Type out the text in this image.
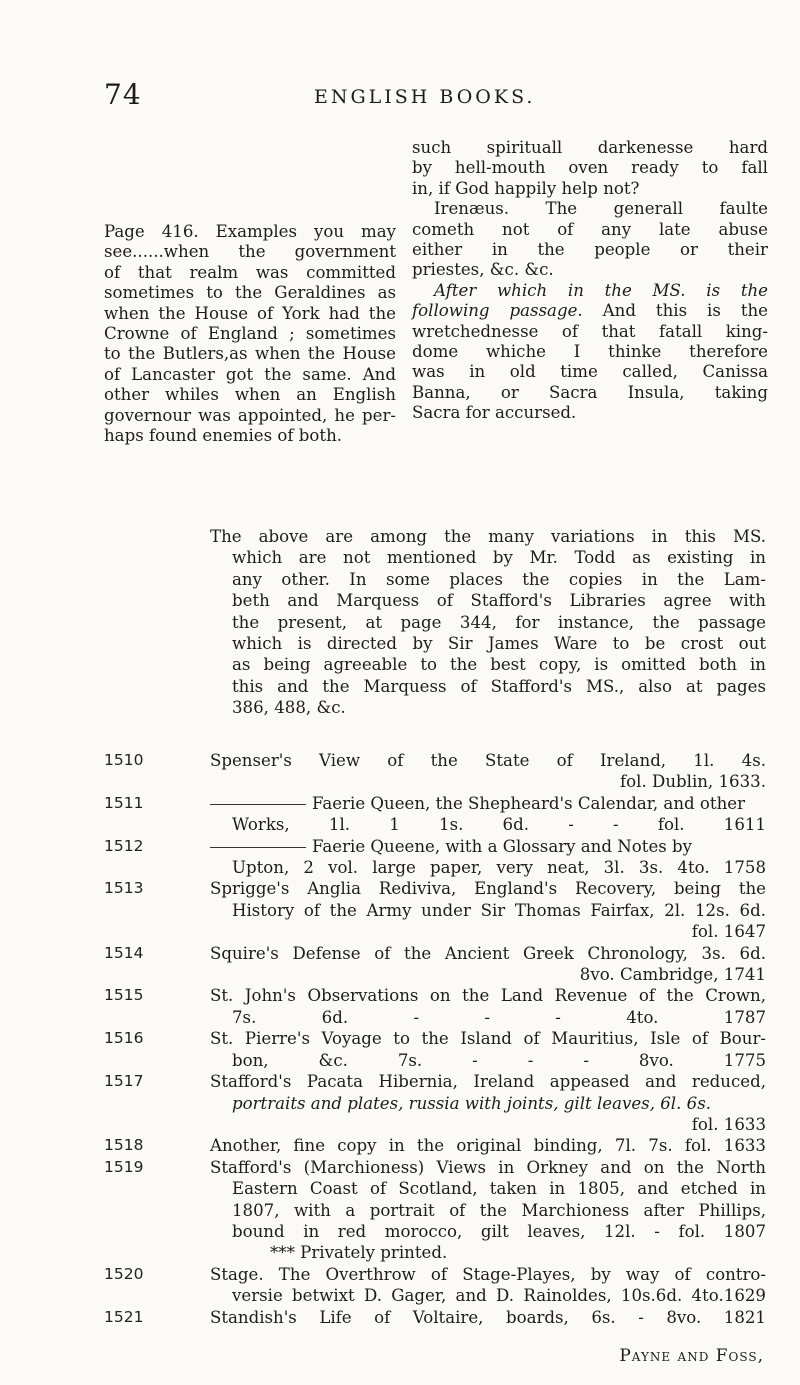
74	ENGLISH BOOKS.

Page 416. Examples you may

see......when the government

of that realm was committed

sometimes to the Geraldines as

when the House of York had the

Crowne of England ; sometimes

to the Butlers,as when the House

of Lancaster got the same. And

other whiles when an English

governour was appointed, he per-

haps found enemies of both.

such spirituall darkenesse hard

by hell-mouth oven ready to fall

in, if God happily help not?

Irenæus. The generall faulte

cometh not of any late abuse

either in the people or their

priestes, &c. &c.

After which in the MS. is the

following passage. And this is the

wretchednesse of that fatall king-

dome whiche I thinke therefore

was in old time called, Canissa

Banna, or Sacra Insula, taking

Sacra for accursed.

The above are among the many variations in this MS.

which are not mentioned by Mr. Todd as existing in

any other. In some places the copies in the Lam-

beth and Marquess of Stafford's Libraries agree with

the present, at page 344, for instance, the passage

which is directed by Sir James Ware to be crost out

as being agreeable to the best copy, is omitted both in

this and the Marquess of Stafford's MS., also at pages

386, 488, &c.

1510	Spenser's View of the State of Ireland, 1l. 4s.

fol. Dublin, 1633.

1511	Faerie Queen, the Shepheard's Calendar, and other

Works, 1l. 1 1s. 6d. - - fol. 1611

1512	Faerie Queene, with a Glossary and Notes by

Upton, 2 vol. large paper, very neat, 3l. 3s. 4to. 1758

1513	Sprigge's Anglia Rediviva, England's Recovery, being the

History of the Army under Sir Thomas Fairfax, 2l. 12s. 6d.

fol. 1647

1514	Squire's Defense of the Ancient Greek Chronology, 3s. 6d.

8vo. Cambridge, 1741

1515	St. John's Observations on the Land Revenue of the Crown,

7s. 6d. - - - 4to. 1787

1516	St. Pierre's Voyage to the Island of Mauritius, Isle of Bour-

bon, &c. 7s. - - - 8vo. 1775

1517	Stafford's Pacata Hibernia, Ireland appeased and reduced,

portraits and plates, russia with joints, gilt leaves, 6l. 6s.

fol. 1633

1518	Another, fine copy in the original binding, 7l. 7s. fol. 1633

1519	Stafford's (Marchioness) Views in Orkney and on the North

Eastern Coast of Scotland, taken in 1805, and etched in

1807, with a portrait of the Marchioness after Phillips,

bound in red morocco, gilt leaves, 12l. - fol. 1807

*** Privately printed.

1520	Stage. The Overthrow of Stage-Playes, by way of contro-

versie betwixt D. Gager, and D. Rainoldes, 10s.6d. 4to.1629

1521	Standish's Life of Voltaire, boards, 6s. - 8vo. 1821

Payne and Foss,
